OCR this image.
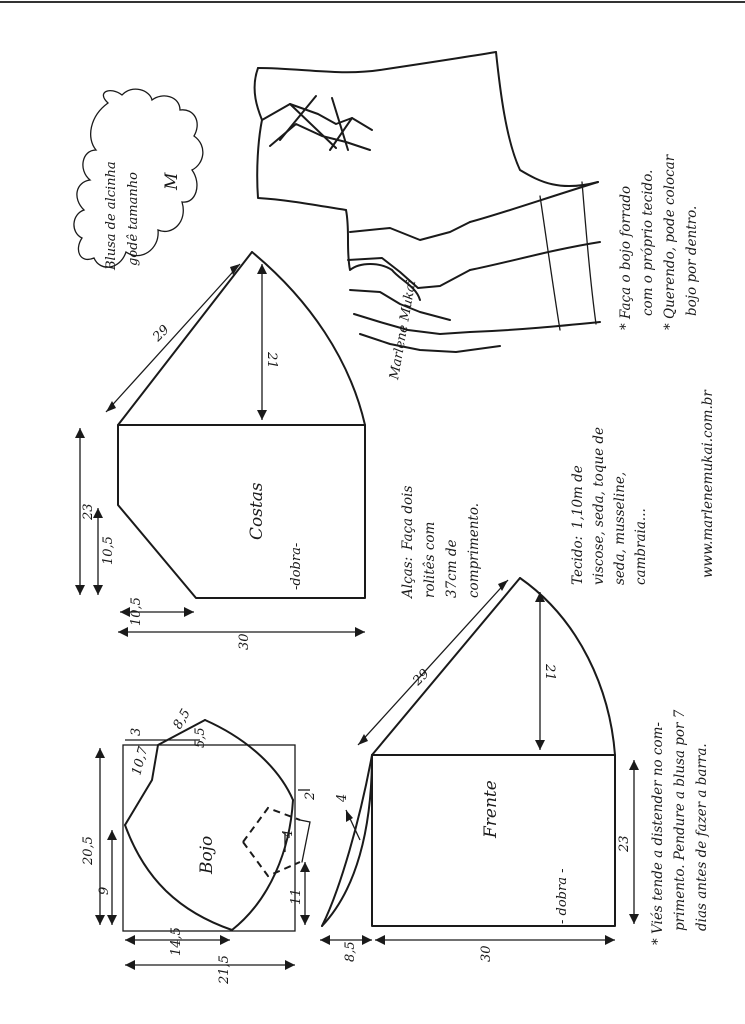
Blusa de alcinha godê tamanho M
Marlene Mukai
29
21
23
10,5
10,5
30
Costas
-dobra-
29	21
23
4
8,5	30
Frente
- dobra -
3 8,5
5,5
10,7
2
4
20,5
9	11
14,5
21,5
Bojo
Alças:
Faça dois
rolitês com 37cm de comprimento.	Tecido:
1,10m de viscose, seda, toque de seda, musseline, cambraia...	www.marlenemukai.com.br
* Faça o bojo forrado com o próprio tecido. * Querendo, pode colocar bojo por dentro.
* Viés tende a distender no com- primento. Pendure a blusa por 7 dias antes de fazer a barra.
